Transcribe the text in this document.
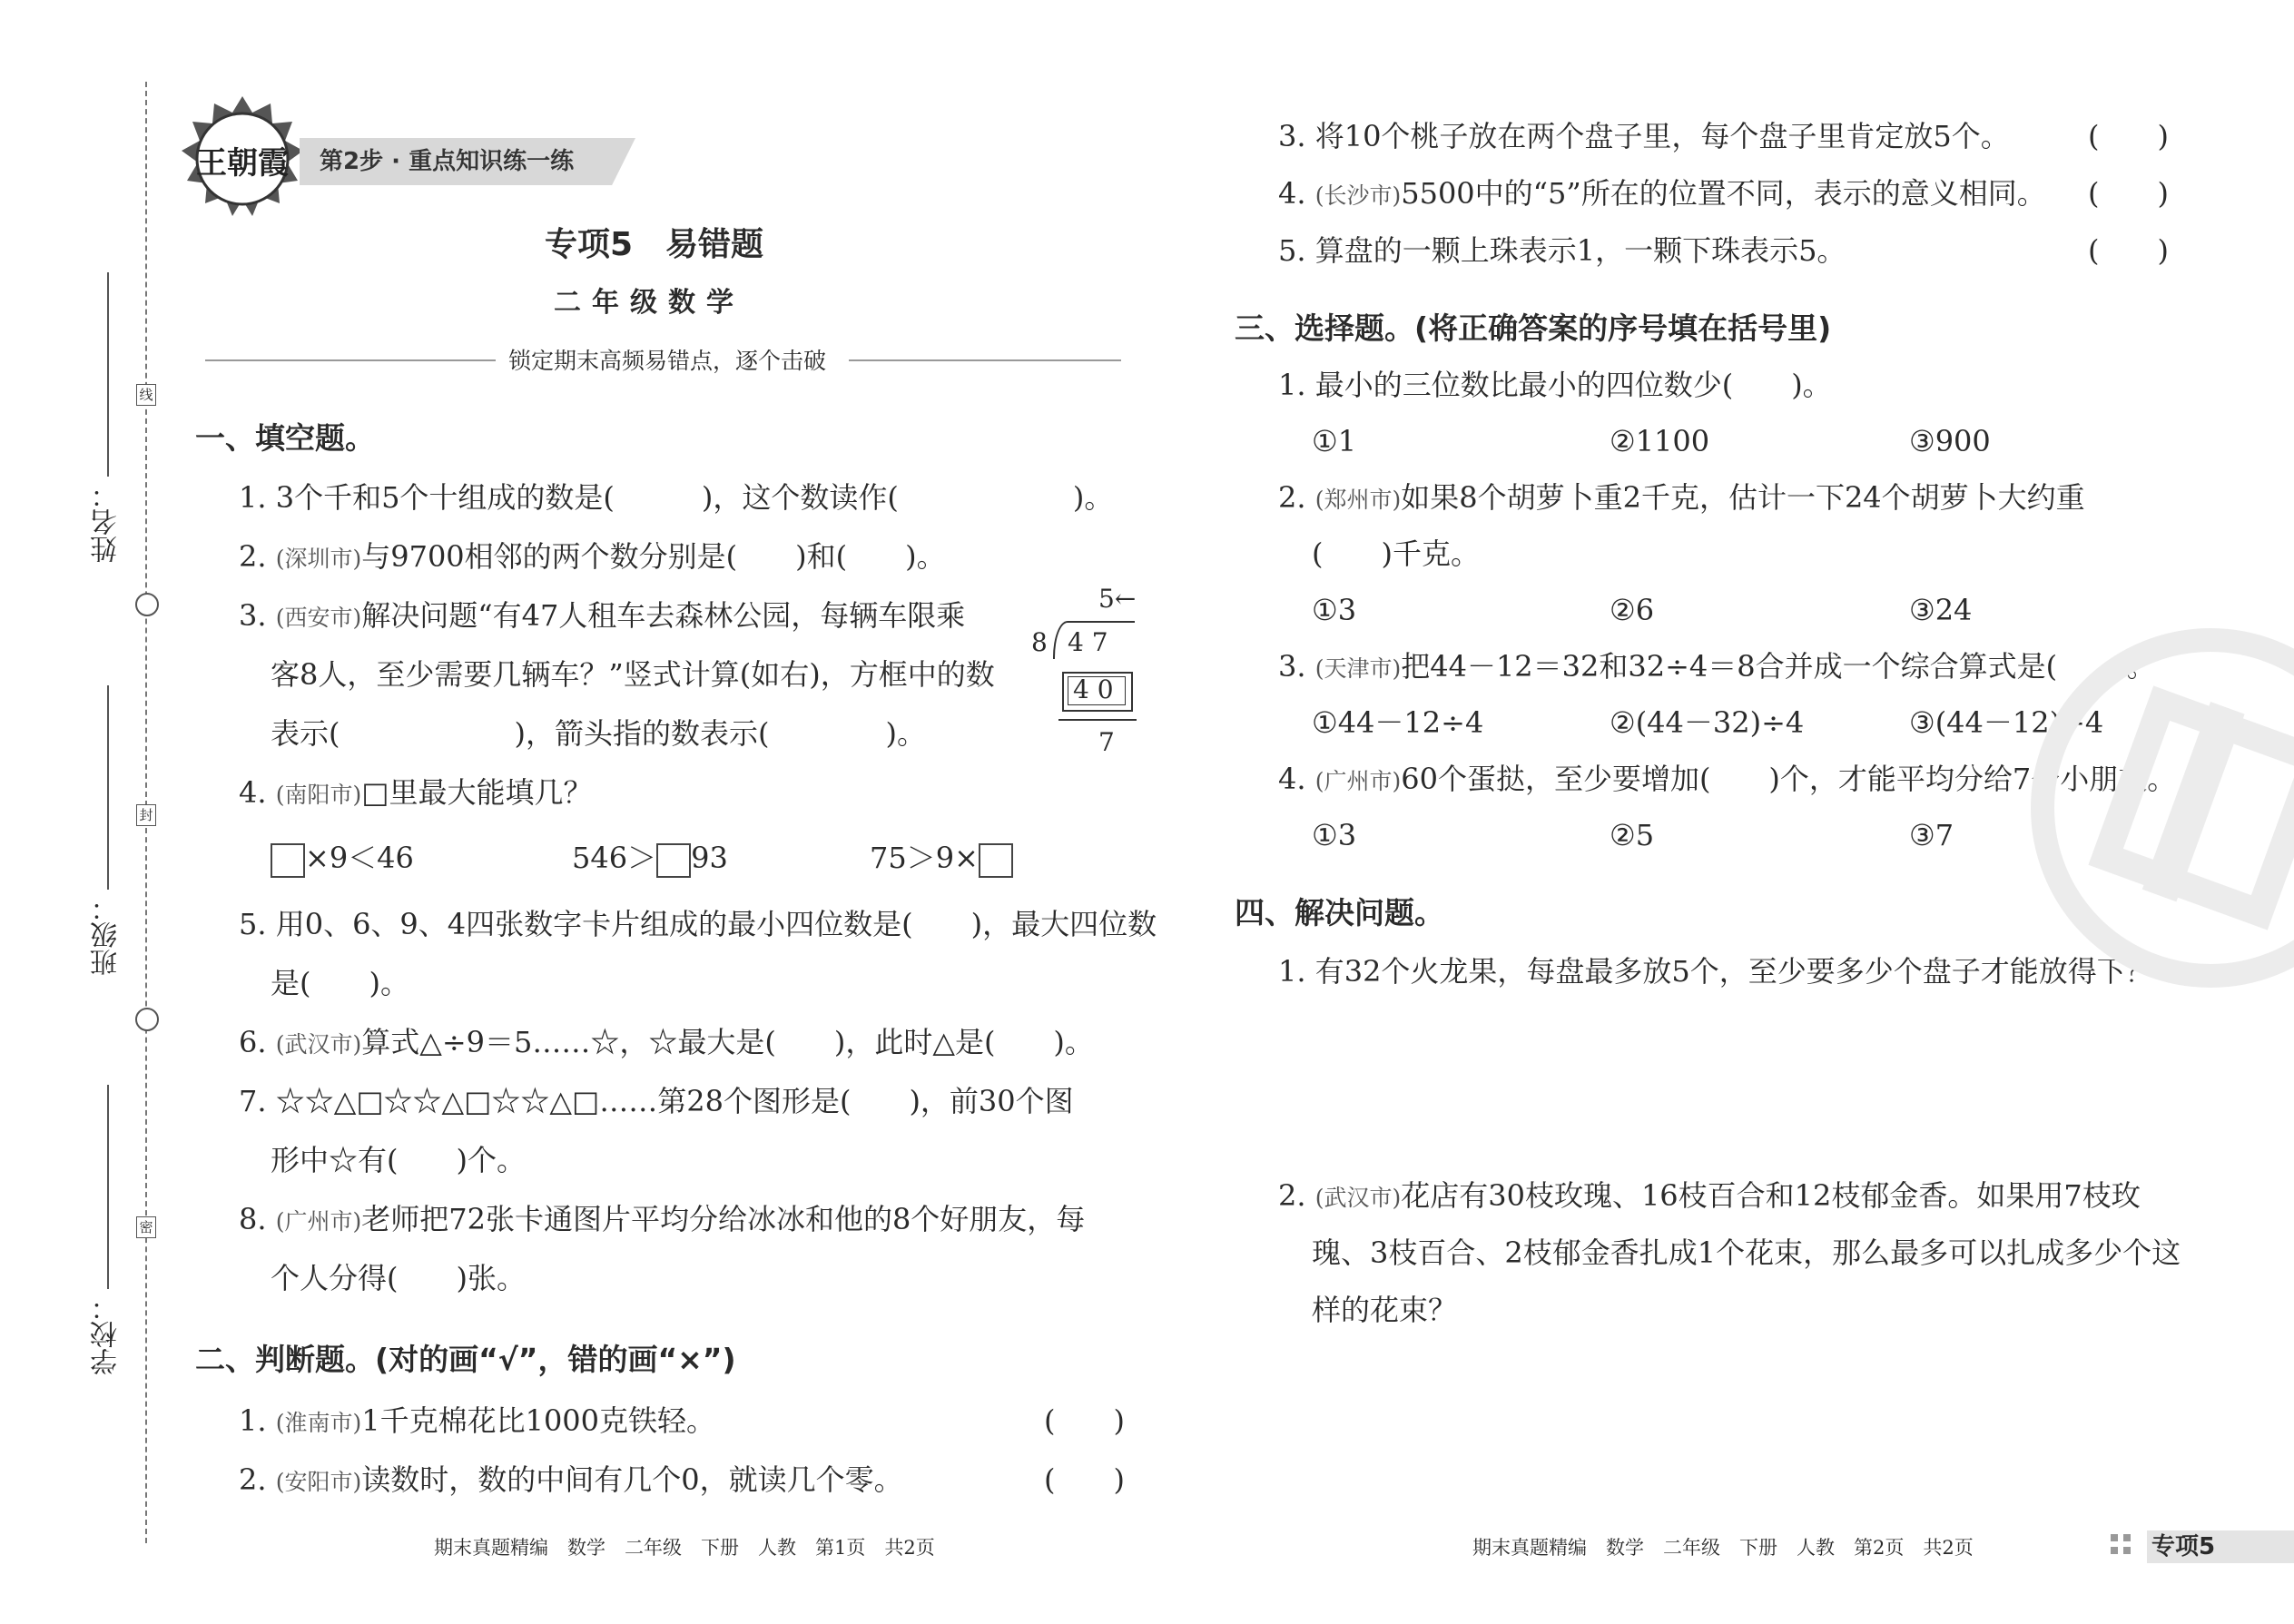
线
封
密
姓名：
班级：
学校：
王朝霞 第2步 · 重点知识练一练
专项5　易错题
二年级数学
锁定期末高频易错点，逐个击破
一、填空题。
1. 3个千和5个十组成的数是(　　　)，这个数读作(　　　　　　)。
2. (深圳市)与9700相邻的两个数分别是(　　)和(　　)。
3. (西安市)解决问题“有47人租车去森林公园，每辆车限乘
客8人，至少需要几辆车？”竖式计算(如右)，方框中的数
表示(　　　　　　)，箭头指的数表示(　　　　)。
5←
8 4 7
4 0
7
4. (南阳市)□里最大能填几？
×9＜46	546＞ 93	75＞9×
5. 用0、6、9、4四张数字卡片组成的最小四位数是(　　)，最大四位数
是(　　)。
6. (武汉市)算式△÷9＝5……☆，☆最大是(　　)，此时△是(　　)。
7. ☆☆△□☆☆△□☆☆△□……第28个图形是(　　)，前30个图
形中☆有(　　)个。
8. (广州市)老师把72张卡通图片平均分给冰冰和他的8个好朋友，每
个人分得(　　)张。
二、判断题。(对的画“√”，错的画“×”)
1. (淮南市)1千克棉花比1000克铁轻。	(　　)
2. (安阳市)读数时，数的中间有几个0，就读几个零。	(　　)
期末真题精编　数学　二年级　下册　人教　第1页　共2页
3. 将10个桃子放在两个盘子里，每个盘子里肯定放5个。	(　　)
4. (长沙市)5500中的“5”所在的位置不同，表示的意义相同。 (　　)
5. 算盘的一颗上珠表示1，一颗下珠表示5。	(　　)
三、选择题。(将正确答案的序号填在括号里)
1. 最小的三位数比最小的四位数少(　　)。
①1	②1100	③900
2. (郑州市)如果8个胡萝卜重2千克，估计一下24个胡萝卜大约重
(　　)千克。
①3	②6	③24
3. (天津市)把44－12＝32和32÷4＝8合并成一个综合算式是(　　)。
①44－12÷4	②(44－32)÷4	③(44－12)÷4
4. (广州市)60个蛋挞，至少要增加(　　)个，才能平均分给7个小朋友。
①3	②5	③7
四、解决问题。
1. 有32个火龙果，每盘最多放5个，至少要多少个盘子才能放得下？
2. (武汉市)花店有30枝玫瑰、16枝百合和12枝郁金香。如果用7枝玫
瑰、3枝百合、2枝郁金香扎成1个花束，那么最多可以扎成多少个这
样的花束？
期末真题精编　数学　二年级　下册　人教　第2页　共2页	专项5
